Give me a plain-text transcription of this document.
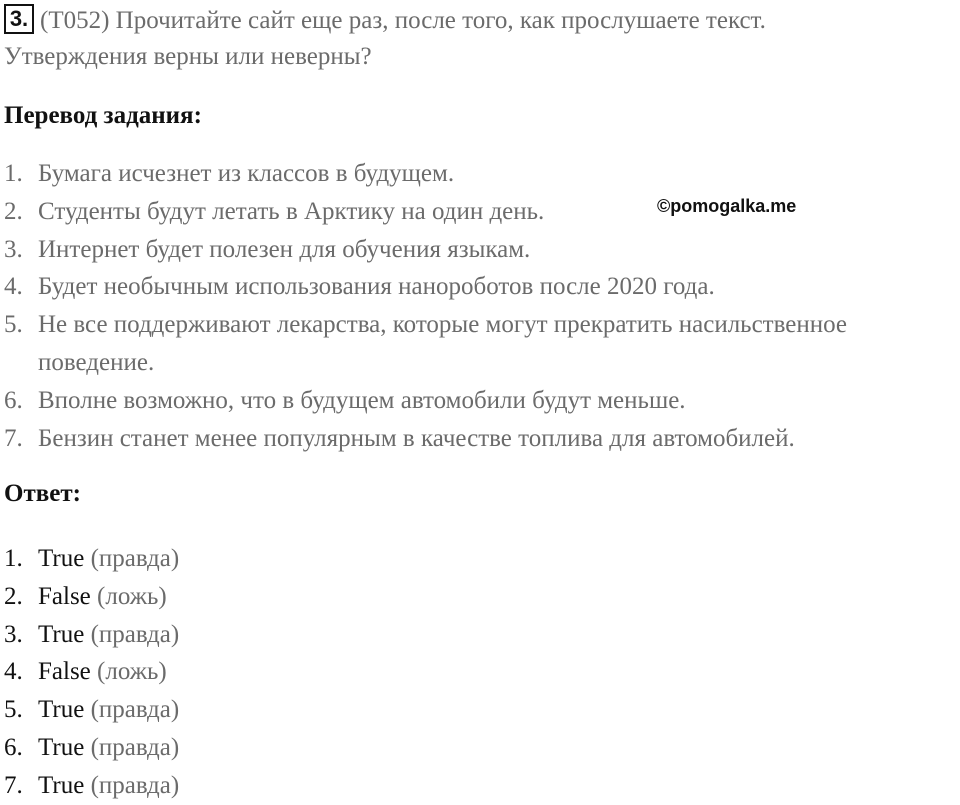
3. (T052) Прочитайте сайт еще раз, после того, как прослушаете текст.
Утверждения верны или неверны?
Перевод задания:
©pomogalka.me
1. Бумага исчезнет из классов в будущем.
2. Студенты будут летать в Арктику на один день.
3. Интернет будет полезен для обучения языкам.
4. Будет необычным использования нанороботов после 2020 года.
5. Не все поддерживают лекарства, которые могут прекратить насильственное
поведение.
6. Вполне возможно, что в будущем автомобили будут меньше.
7. Бензин станет менее популярным в качестве топлива для автомобилей.
Ответ:
1. True (правда)
2. False (ложь)
3. True (правда)
4. False (ложь)
5. True (правда)
6. True (правда)
7. True (правда)
